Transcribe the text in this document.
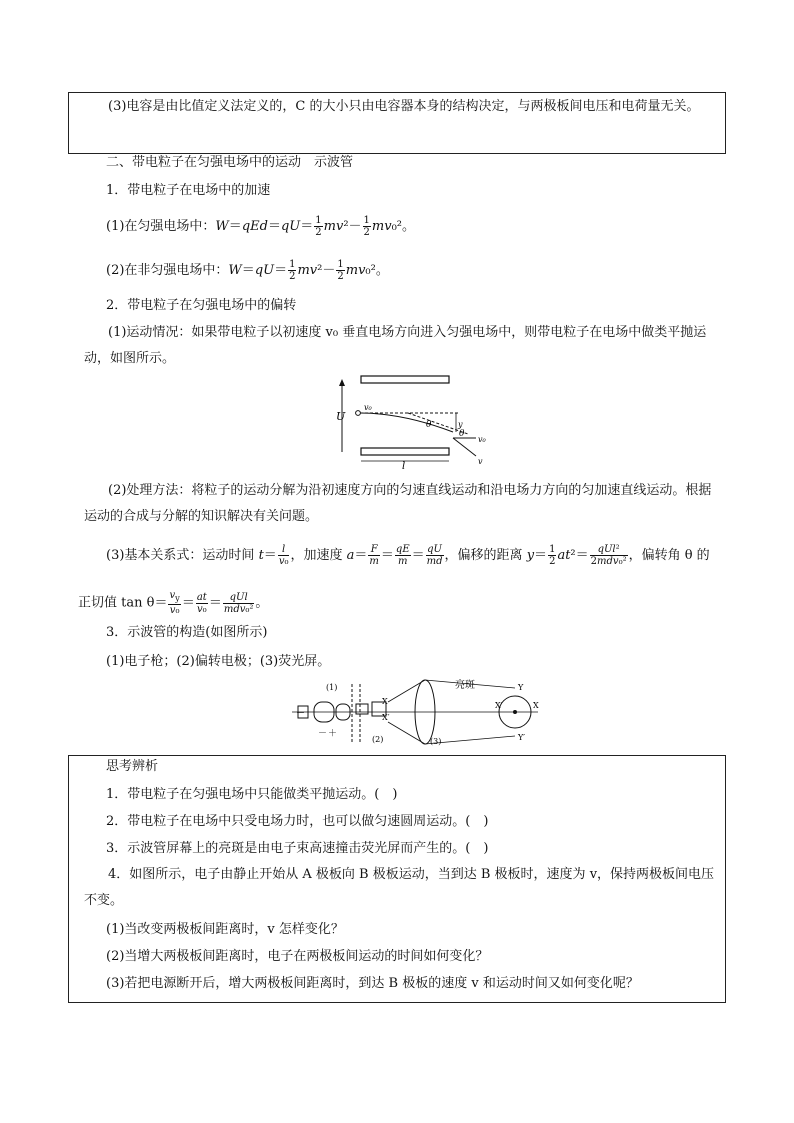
(3)电容是由比值定义法定义的，C 的大小只由电容器本身的结构决定，与两极板间电压和电荷量无关。
二、带电粒子在匀强电场中的运动　示波管
1．带电粒子在电场中的加速
(1)在匀强电场中：$W=qEd=qU= \frac{1}{2} mv^2- \frac{1}{2} mv_0^2$。
(2)在非匀强电场中：$W=qU= \frac{1}{2} mv^2- \frac{1}{2} mv_0^2$。
2．带电粒子在匀强电场中的偏转
(1)运动情况：如果带电粒子以初速度 v₀ 垂直电场方向进入匀强电场中，则带电粒子在电场中做类平抛运动，如图所示。
U
v₀
θ	y
v₀
v
θ
l
(2)处理方法：将粒子的运动分解为沿初速度方向的匀速直线运动和沿电场力方向的匀加速直线运动。根据运动的合成与分解的知识解决有关问题。
(3)基本关系式：运动时间 $t= \frac{l}{\text{v₀}}$ ，加速度 $a= \frac{F}{m} = \frac{qE}{m} = \frac{qU}{md}$ ，偏移的距离 $y= \frac{1}{2} at^2= \frac{\text{qUl²}}{\text{2mdv₀²}}$ ，偏转角 θ 的
正切值 $\tan \theta= \frac{v_y}{\text{v₀}} = \frac{at}{\text{v₀}} = \frac{\text{qUl}}{\text{mdv₀²}}$ 。
3．示波管的构造(如图所示)
(1)电子枪；(2)偏转电极；(3)荧光屏。
－
(1)
(2)
X
X′
－ ＋
(3)
亮斑	Y
Y′
X′	X
思考辨析
1．带电粒子在匀强电场中只能做类平抛运动。(　)
2．带电粒子在电场中只受电场力时，也可以做匀速圆周运动。(　)
3．示波管屏幕上的亮斑是由电子束高速撞击荧光屏而产生的。(　)
4．如图所示，电子由静止开始从 A 极板向 B 极板运动，当到达 B 极板时，速度为 v，保持两极板间电压不变。
(1)当改变两极板间距离时，v 怎样变化？
(2)当增大两极板间距离时，电子在两极板间运动的时间如何变化？
(3)若把电源断开后，增大两极板间距离时，到达 B 极板的速度 v 和运动时间又如何变化呢？
